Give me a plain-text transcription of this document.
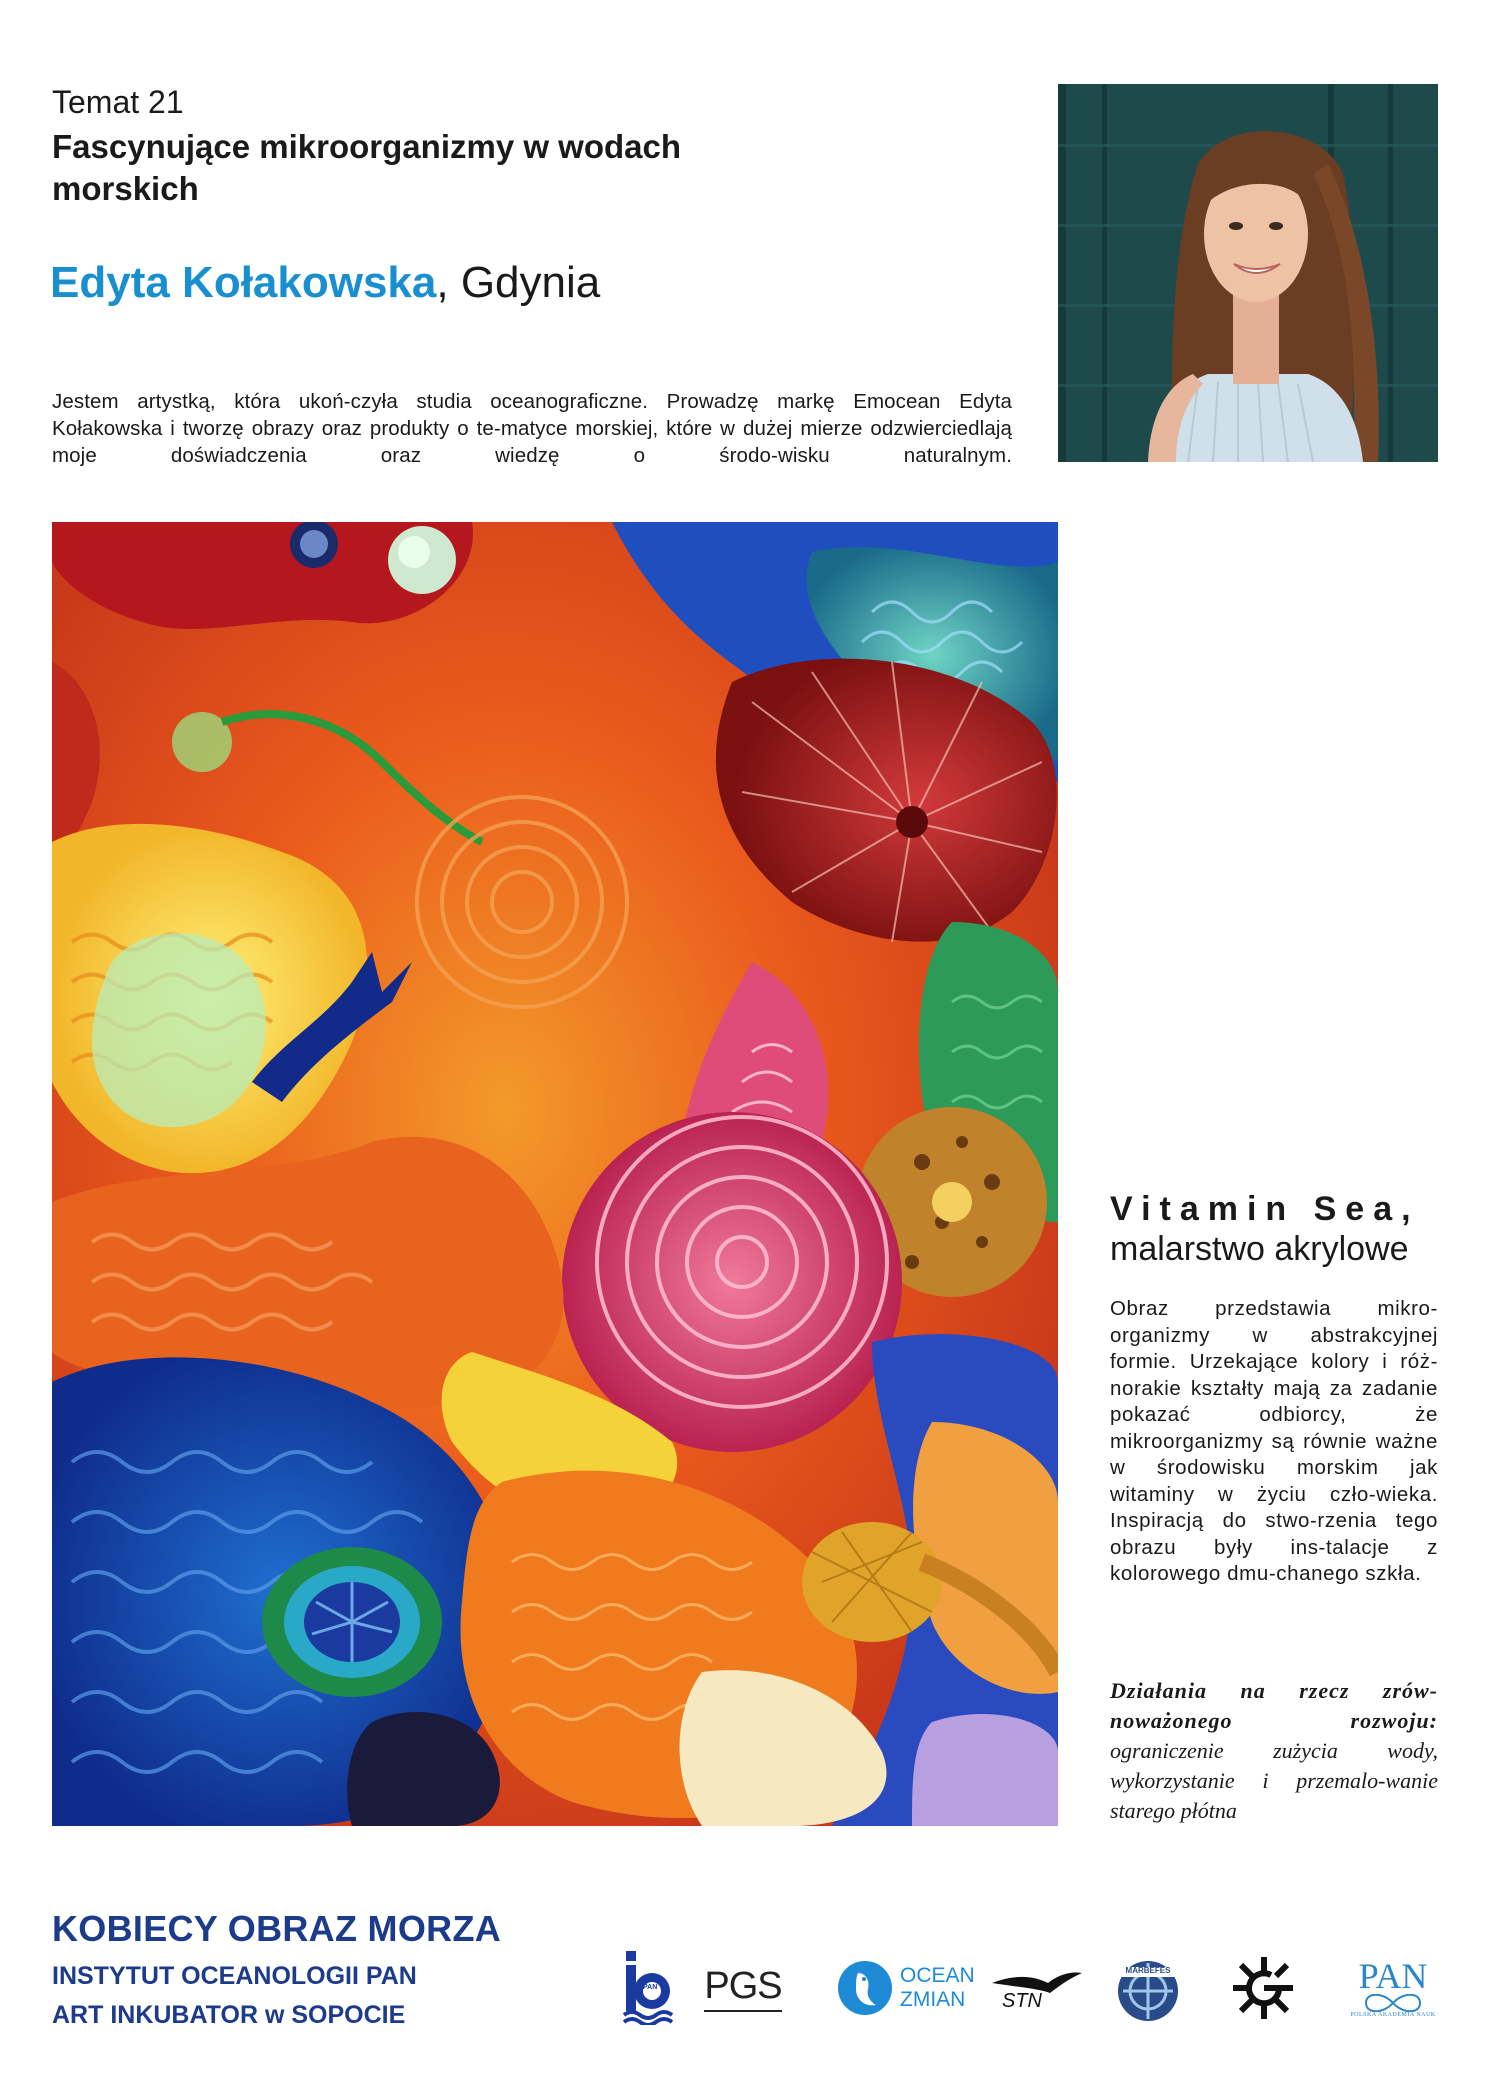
Temat 21
Fascynujące mikroorganizmy w wodach morskich
Edyta Kołakowska, Gdynia
Jestem artystką, która ukoń-czyła studia oceanograficzne. Prowadzę markę Emocean Edyta Kołakowska i tworzę obrazy oraz produkty o te-matyce morskiej, które w dużej mierze odzwierciedlają moje doświadczenia oraz wiedzę o środo-wisku naturalnym.
Vitamin Sea,
malarstwo akrylowe
Obraz przedstawia mikro-organizmy w abstrakcyjnej formie. Urzekające kolory i róż-norakie kształty mają za zadanie pokazać odbiorcy, że mikroorganizmy są równie ważne w środowisku morskim jak witaminy w życiu czło-wieka. Inspiracją do stwo-rzenia tego obrazu były ins-talacje z kolorowego dmu-chanego szkła.
Działania na rzecz zrów-noważonego rozwoju: ograniczenie zużycia wody, wykorzystanie i przemalo-wanie starego płótna
KOBIECY OBRAZ MORZA
INSTYTUT OCEANOLOGII PAN
ART INKUBATOR w SOPOCIE
PAN PGS	OCEAN
ZMIAN	STN
MARBEFES	PAN
POLSKA AKADEMIA NAUK
